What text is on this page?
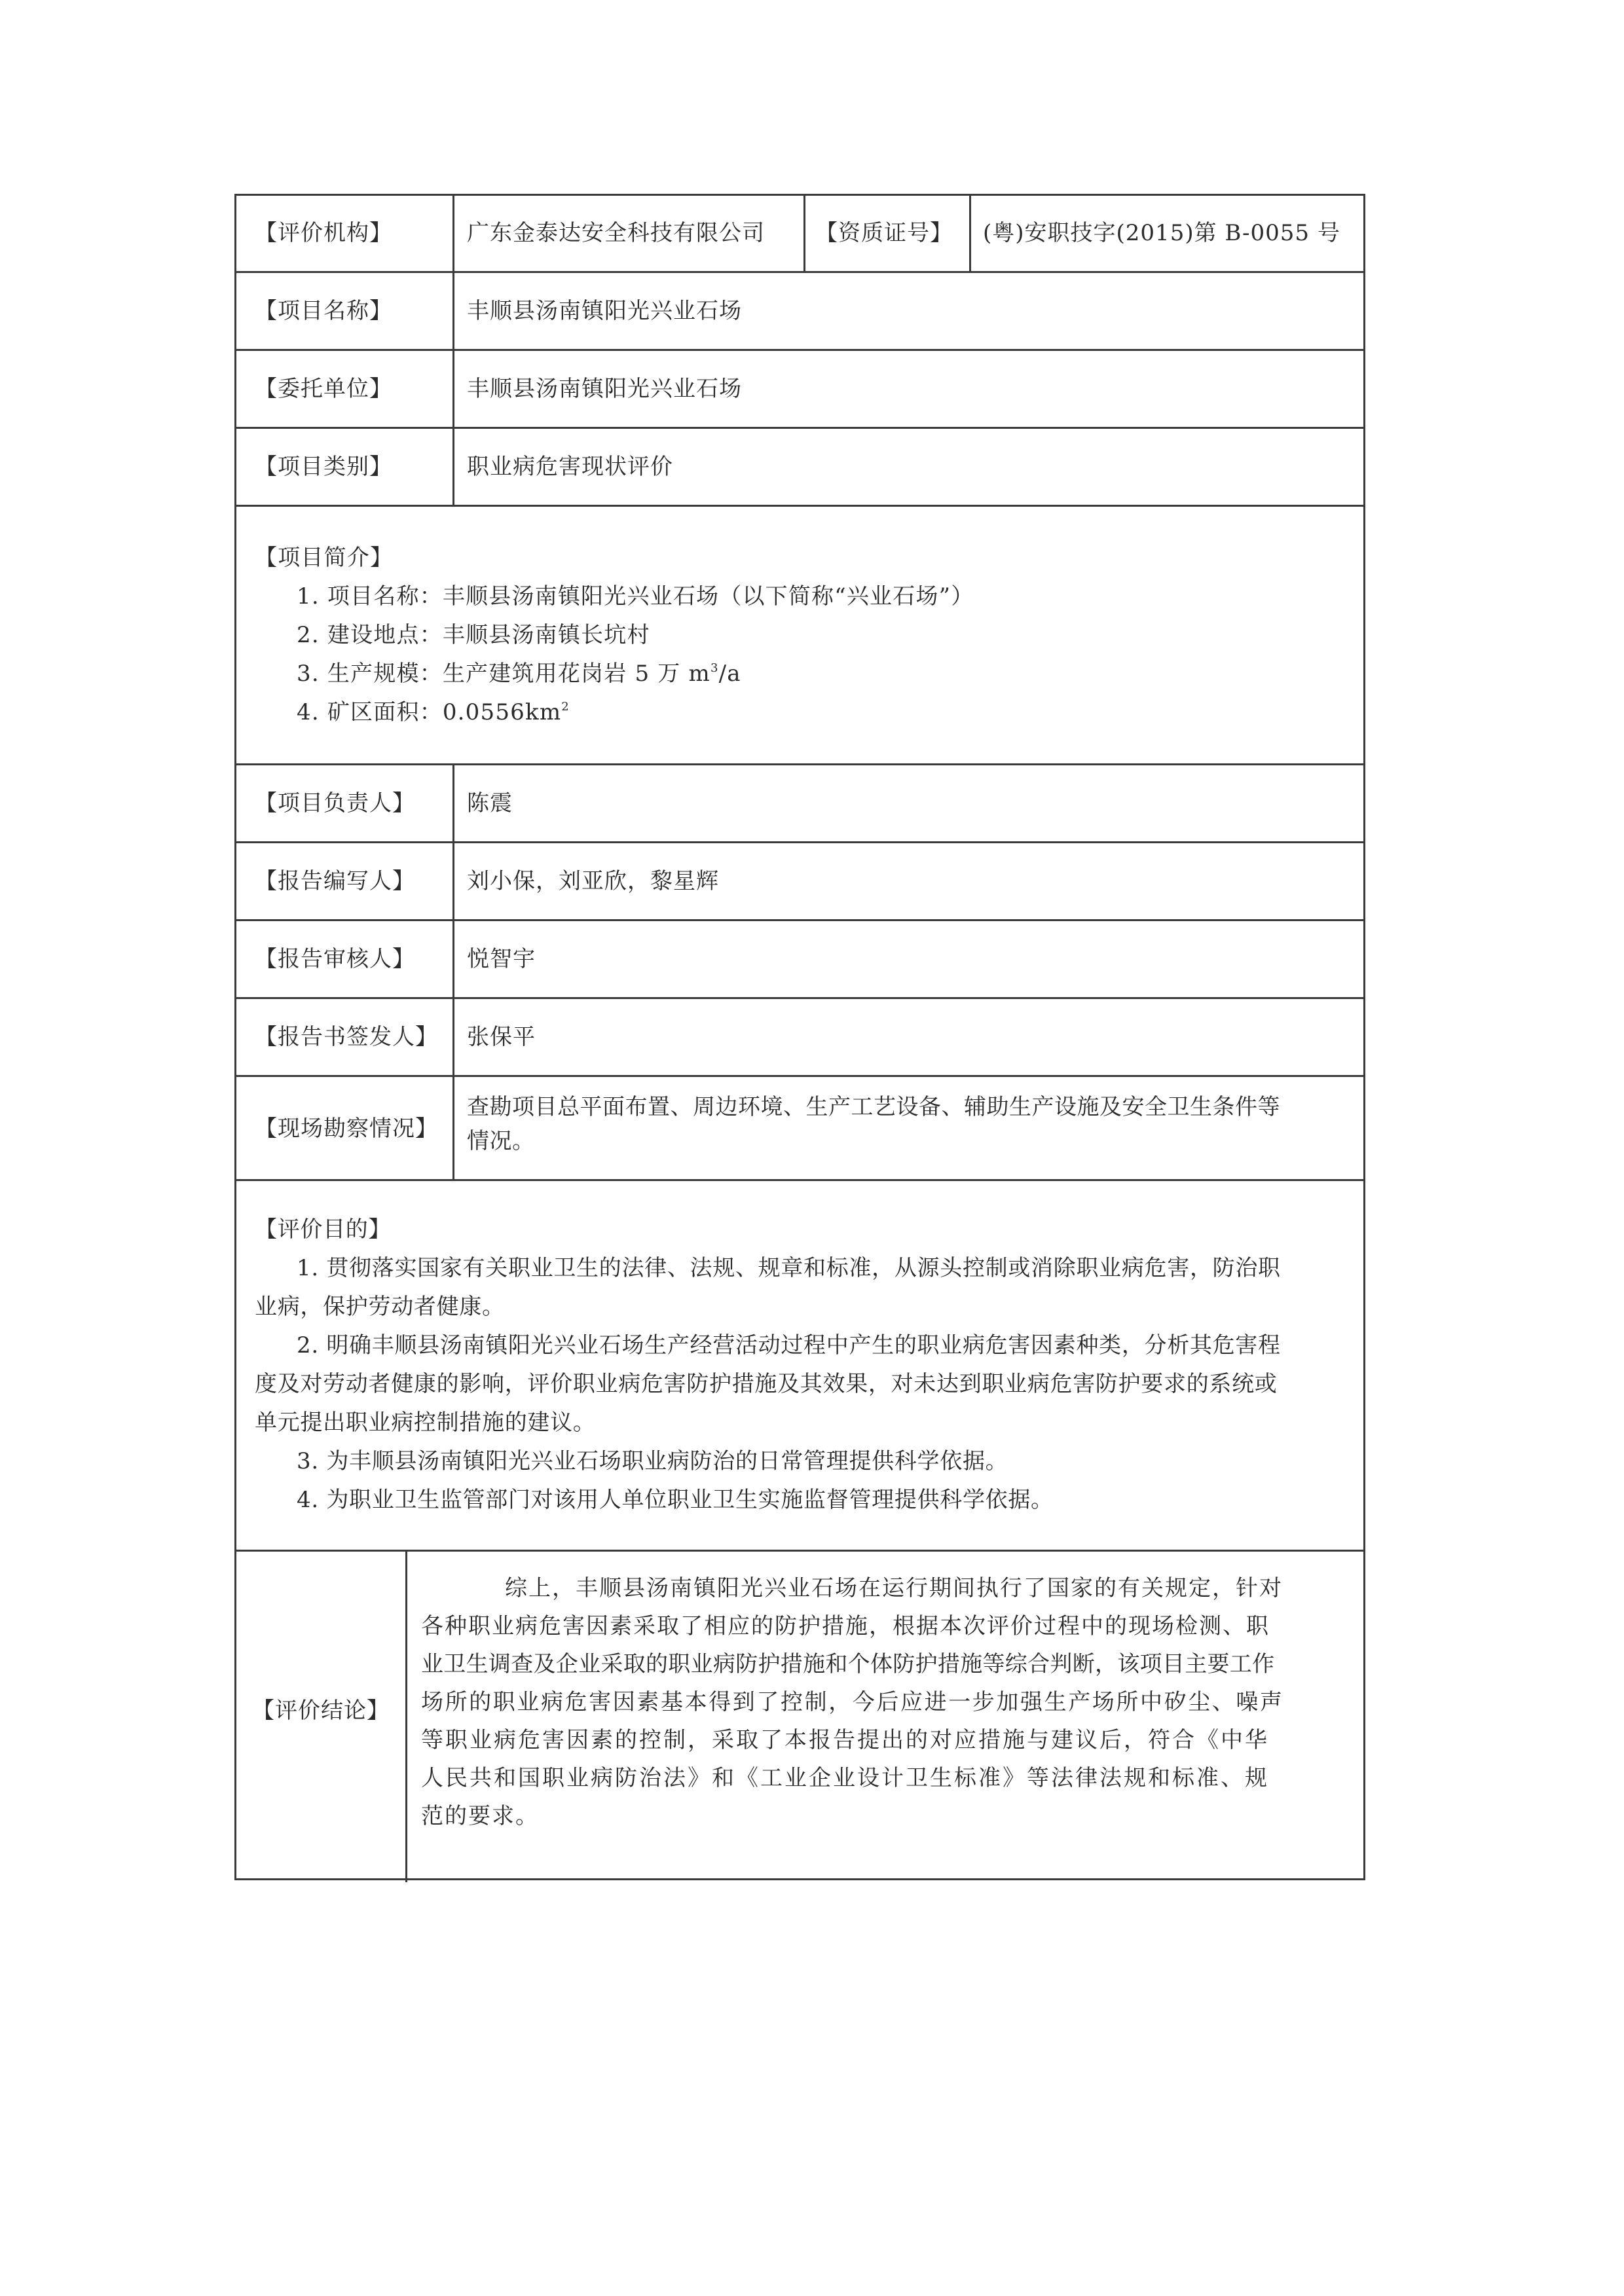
【评价机构】	广东金泰达安全科技有限公司 【资质证号】 (粤)安职技字(2015)第 B-0055 号
【项目名称】	丰顺县汤南镇阳光兴业石场
【委托单位】	丰顺县汤南镇阳光兴业石场
【项目类别】	职业病危害现状评价

【项目简介】

1. 项目名称：丰顺县汤南镇阳光兴业石场（以下简称“兴业石场”）

2. 建设地点：丰顺县汤南镇长坑村

3. 生产规模：生产建筑用花岗岩 5 万 $m^3/a$

4. 矿区面积：$0.0556km^2$

【项目负责人】 陈震
【报告编写人】 刘小保，刘亚欣，黎星辉
【报告审核人】 悦智宇
【报告书签发人】 张保平
【现场勘察情况】

查勘项目总平面布置、周边环境、生产工艺设备、辅助生产设施及安全卫生条件等

情况。

【评价目的】

1. 贯彻落实国家有关职业卫生的法律、法规、规章和标准，从源头控制或消除职业病危害，防治职

业病，保护劳动者健康。

2. 明确丰顺县汤南镇阳光兴业石场生产经营活动过程中产生的职业病危害因素种类，分析其危害程

度及对劳动者健康的影响，评价职业病危害防护措施及其效果，对未达到职业病危害防护要求的系统或

单元提出职业病控制措施的建议。

3. 为丰顺县汤南镇阳光兴业石场职业病防治的日常管理提供科学依据。

4. 为职业卫生监管部门对该用人单位职业卫生实施监督管理提供科学依据。

【评价结论】

综上，丰顺县汤南镇阳光兴业石场在运行期间执行了国家的有关规定，针对

各种职业病危害因素采取了相应的防护措施，根据本次评价过程中的现场检测、职

业卫生调查及企业采取的职业病防护措施和个体防护措施等综合判断，该项目主要工作

场所的职业病危害因素基本得到了控制，今后应进一步加强生产场所中矽尘、噪声

等职业病危害因素的控制，采取了本报告提出的对应措施与建议后，符合《中华

人民共和国职业病防治法》和《工业企业设计卫生标准》等法律法规和标准、规

范的要求。
